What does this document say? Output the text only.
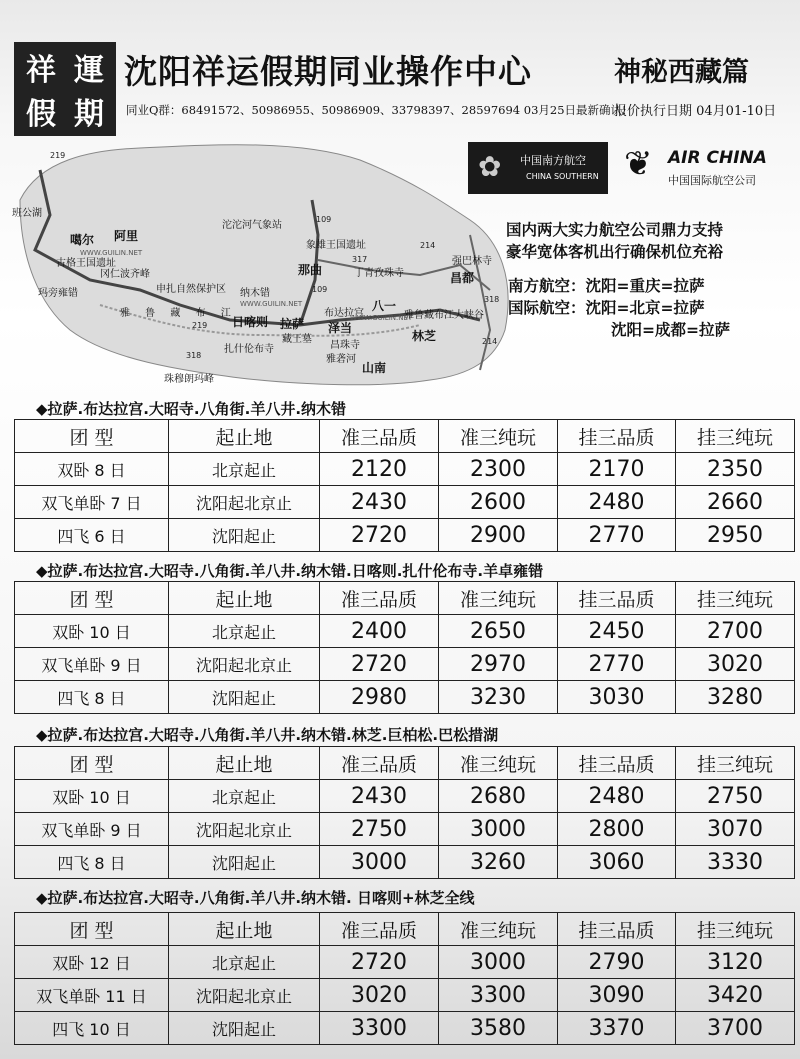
祥 運
假 期
沈阳祥运假期同业操作中心	神秘西藏篇
同业Q群：68491572、50986955、50986909、33798397、28597694 03月25日最新确认!
报价执行日期 04月01-10日
班公湖
噶尔 阿里
古格王国遗址
冈仁波齐峰
玛旁雍错	申扎自然保护区 纳木错
沱沱河气象站
象雄王国遗址
那曲	丁青孜珠寺
强巴林寺
昌都
日喀则 拉萨 泽当
布达拉宫
八一
雅鲁藏布江大峡谷
林芝
扎什伦布寺
藏王墓
昌珠寺
雅砻河
山南
珠穆朗玛峰
219
109
317
214
318
219
318
109
214
雅 鲁 藏 布 江
WWW.GUILIN.NET
WWW.GUILIN.NET
WWW.GUILIN.NET
✿ 中国南方航空
CHINA SOUTHERN ❦ AIR CHINA
中国国际航空公司
国内两大实力航空公司鼎力支持
豪华宽体客机出行确保机位充裕
南方航空：沈阳=重庆=拉萨
国际航空：沈阳=北京=拉萨
沈阳=成都=拉萨
◆拉萨.布达拉宫.大昭寺.八角街.羊八井.纳木错
团 型	起止地	准三品质	准三纯玩	挂三品质	挂三纯玩
双卧 8 日	北京起止	2120	2300	2170	2350
双飞单卧 7 日	沈阳起北京止	2430	2600	2480	2660
四飞 6 日	沈阳起止	2720	2900	2770	2950
◆拉萨.布达拉宫.大昭寺.八角街.羊八井.纳木错.日喀则.扎什伦布寺.羊卓雍错
团 型	起止地	准三品质	准三纯玩	挂三品质	挂三纯玩
双卧 10 日	北京起止	2400	2650	2450	2700
双飞单卧 9 日	沈阳起北京止	2720	2970	2770	3020
四飞 8 日	沈阳起止	2980	3230	3030	3280
◆拉萨.布达拉宫.大昭寺.八角街.羊八井.纳木错.林芝.巨柏松.巴松措湖
团 型	起止地	准三品质	准三纯玩	挂三品质	挂三纯玩
双卧 10 日	北京起止	2430	2680	2480	2750
双飞单卧 9 日	沈阳起北京止	2750	3000	2800	3070
四飞 8 日	沈阳起止	3000	3260	3060	3330
◆拉萨.布达拉宫.大昭寺.八角街.羊八井.纳木错. 日喀则+林芝全线
团 型	起止地	准三品质	准三纯玩	挂三品质	挂三纯玩
双卧 12 日	北京起止	2720	3000	2790	3120
双飞单卧 11 日	沈阳起北京止	3020	3300	3090	3420
四飞 10 日	沈阳起止	3300	3580	3370	3700
